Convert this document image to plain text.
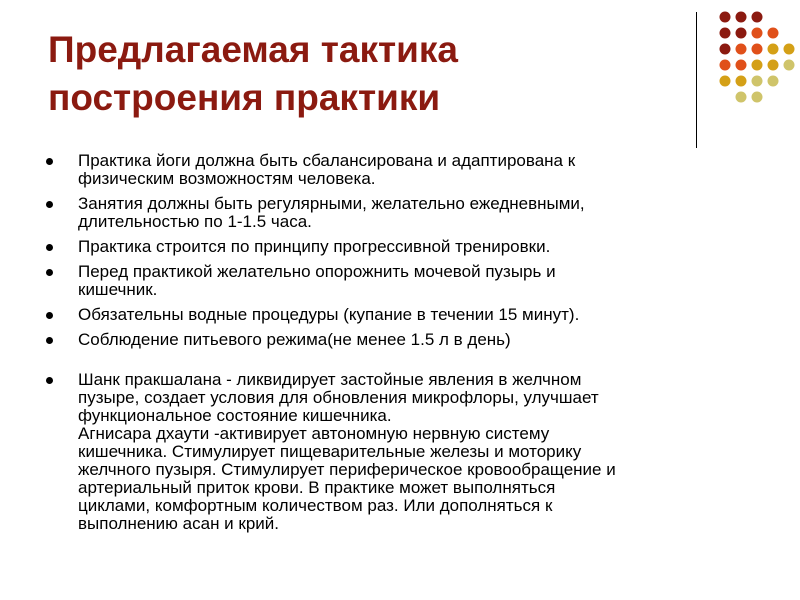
Предлагаемая тактика
построения практики
Практика йоги должна быть сбалансирована и адаптирована к
физическим возможностям человека.
Занятия должны быть регулярными, желательно ежедневными,
длительностью по 1-1.5 часа.
Практика строится по принципу прогрессивной тренировки.
Перед практикой желательно опорожнить мочевой пузырь и
кишечник.
Обязательны водные процедуры (купание в течении 15 минут).
Соблюдение питьевого режима(не менее 1.5 л в день)
Шанк пракшалана - ликвидирует застойные явления в желчном
пузыре, создает условия для обновления микрофлоры, улучшает
функциональное состояние кишечника.
Агнисара дхаути -активирует автономную нервную систему
кишечника. Стимулирует пищеварительные железы и моторику
желчного пузыря. Стимулирует периферическое кровообращение и
артериальный приток крови. В практике может выполняться
циклами, комфортным количеством раз. Или дополняться к
выполнению асан и крий.
